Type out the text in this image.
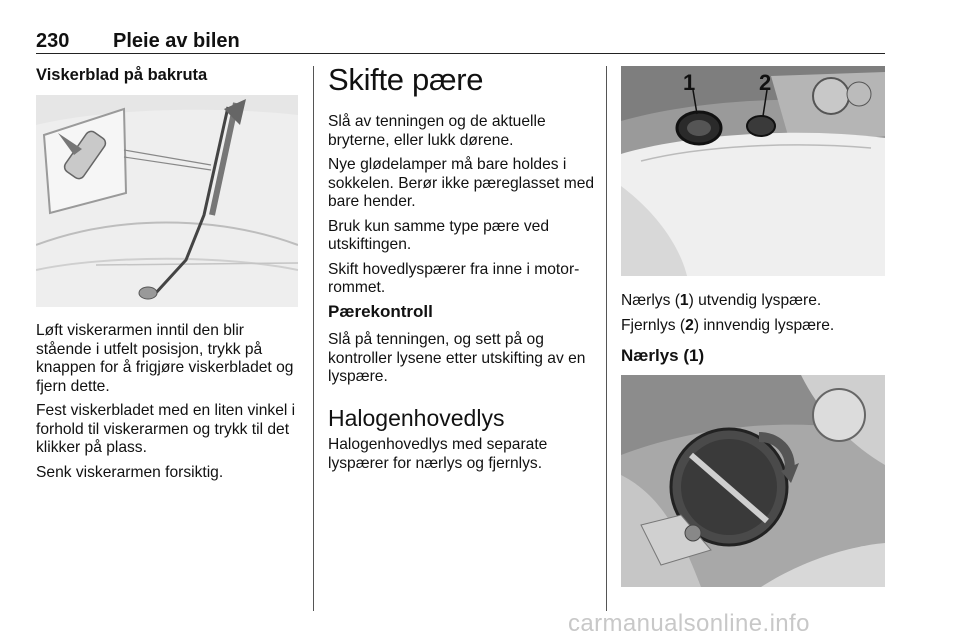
230 Pleie av bilen
Viskerblad på bakruta

Løft viskerarmen inntil den blir stående i utfelt posisjon, trykk på knappen for å frigjøre viskerbladet og fjern dette.

Fest viskerbladet med en liten vinkel i forhold til viskerarmen og trykk til det klikker på plass.

Senk viskerarmen forsiktig.

Skifte pære

Slå av tenningen og de aktuelle bryterne, eller lukk dørene.

Nye glødelamper må bare holdes i sokkelen. Berør ikke pæreglasset med bare hender.

Bruk kun samme type pære ved utskiftingen.

Skift hovedlyspærer fra inne i motorrommet.

Pærekontroll
Slå på tenningen, og sett på og kontroller lysene etter utskifting av en lyspære.
Halogenhovedlys
Halogenhovedlys med separate lyspærer for nærlys og fjernlys.
1	2

Nærlys (1) utvendig lyspære.

Fjernlys (2) innvendig lyspære.

Nærlys (1)
carmanualsonline.info
